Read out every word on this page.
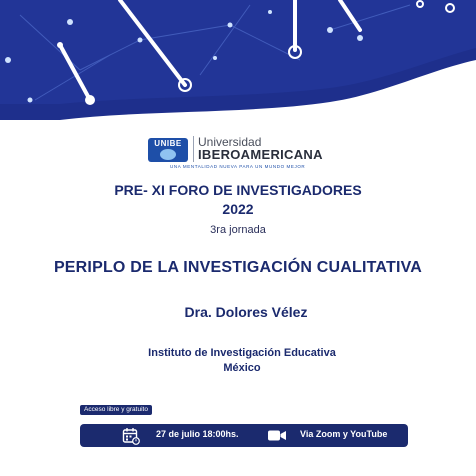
UNIBE	Universidad
IBEROAMERICANA
UNA MENTALIDAD NUEVA PARA UN MUNDO MEJOR
PRE- XI FORO DE INVESTIGADORES
2022
3ra jornada
PERIPLO DE LA INVESTIGACIÓN CUALITATIVA
Dra. Dolores Vélez
Instituto de Investigación Educativa
México
Acceso libre y gratuito
27 de julio 18:00hs.	Via Zoom y YouTube
